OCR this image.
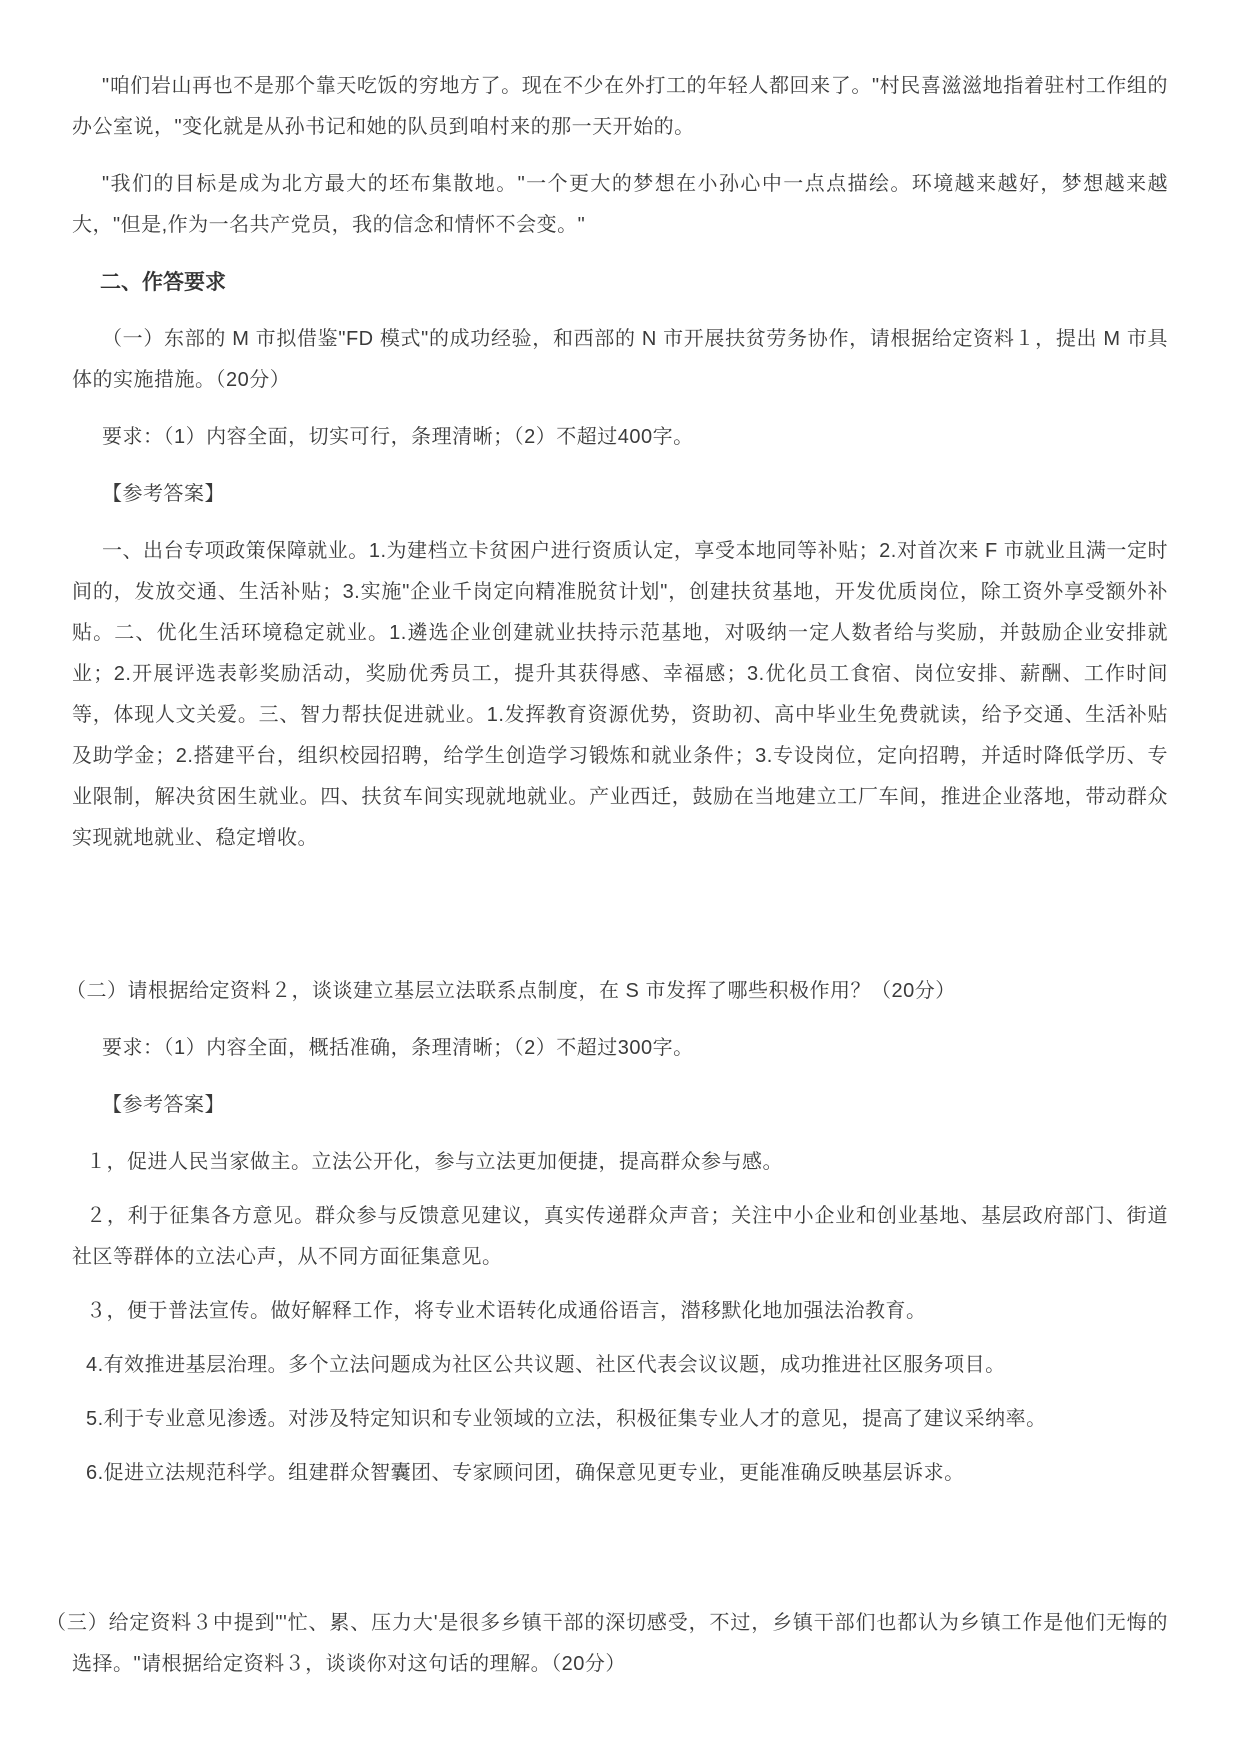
"咱们岩山再也不是那个靠天吃饭的穷地方了。现在不少在外打工的年轻人都回来了。"村民喜滋滋地指着驻村工作组的办公室说，"变化就是从孙书记和她的队员到咱村来的那一天开始的。

"我们的目标是成为北方最大的坯布集散地。"一个更大的梦想在小孙心中一点点描绘。环境越来越好，梦想越来越大，"但是,作为一名共产党员，我的信念和情怀不会变。"

二、作答要求

（一）东部的 M 市拟借鉴"FD 模式"的成功经验，和西部的 N 市开展扶贫劳务协作，请根据给定资料１，提出 M 市具体的实施措施。（20分）

要求：（1）内容全面，切实可行，条理清晰；（2）不超过400字。

【参考答案】

一、出台专项政策保障就业。1.为建档立卡贫困户进行资质认定，享受本地同等补贴；2.对首次来 F 市就业且满一定时间的，发放交通、生活补贴；3.实施"企业千岗定向精准脱贫计划"，创建扶贫基地，开发优质岗位，除工资外享受额外补贴。二、优化生活环境稳定就业。1.遴选企业创建就业扶持示范基地，对吸纳一定人数者给与奖励，并鼓励企业安排就业；2.开展评选表彰奖励活动，奖励优秀员工，提升其获得感、幸福感；3.优化员工食宿、岗位安排、薪酬、工作时间等，体现人文关爱。三、智力帮扶促进就业。1.发挥教育资源优势，资助初、高中毕业生免费就读，给予交通、生活补贴及助学金；2.搭建平台，组织校园招聘，给学生创造学习锻炼和就业条件；3.专设岗位，定向招聘，并适时降低学历、专业限制，解决贫困生就业。四、扶贫车间实现就地就业。产业西迁，鼓励在当地建立工厂车间，推进企业落地，带动群众实现就地就业、稳定增收。

（二）请根据给定资料２，谈谈建立基层立法联系点制度，在 S 市发挥了哪些积极作用？（20分）

要求：（1）内容全面，概括准确，条理清晰；（2）不超过300字。

【参考答案】

１，促进人民当家做主。立法公开化，参与立法更加便捷，提高群众参与感。

２，利于征集各方意见。群众参与反馈意见建议，真实传递群众声音；关注中小企业和创业基地、基层政府部门、街道社区等群体的立法心声，从不同方面征集意见。

３，便于普法宣传。做好解释工作，将专业术语转化成通俗语言，潜移默化地加强法治教育。

4.有效推进基层治理。多个立法问题成为社区公共议题、社区代表会议议题，成功推进社区服务项目。

5.利于专业意见渗透。对涉及特定知识和专业领域的立法，积极征集专业人才的意见，提高了建议采纳率。

6.促进立法规范科学。组建群众智囊团、专家顾问团，确保意见更专业，更能准确反映基层诉求。

（三）给定资料３中提到"'忙、累、压力大'是很多乡镇干部的深切感受，不过，乡镇干部们也都认为乡镇工作是他们无悔的选择。"请根据给定资料３，谈谈你对这句话的理解。（20分）
